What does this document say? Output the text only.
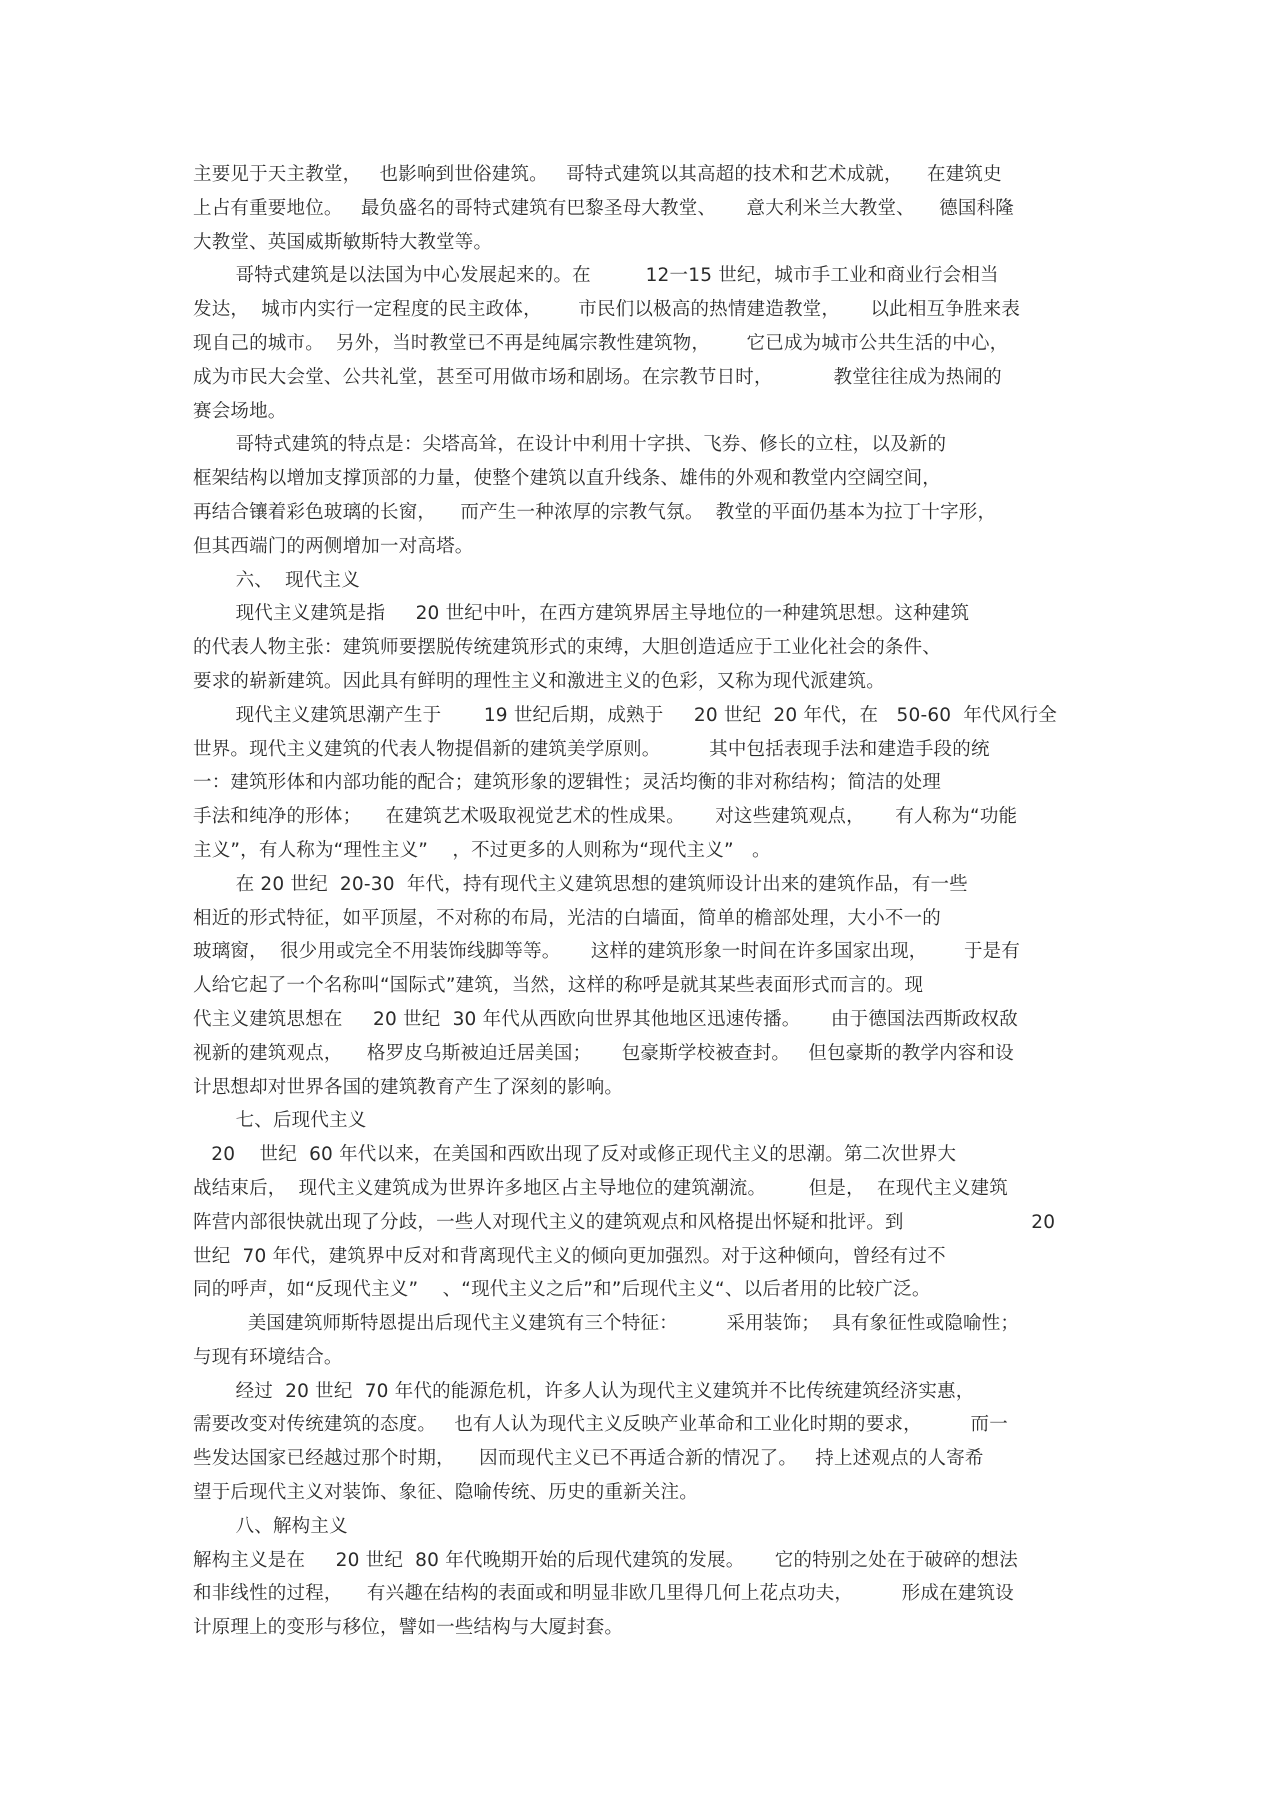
主要见于天主教堂，   也影响到世俗建筑。   哥特式建筑以其高超的技术和艺术成就，    在建筑史
上占有重要地位。   最负盛名的哥特式建筑有巴黎圣母大教堂、     意大利米兰大教堂、    德国科隆
大教堂、英国威斯敏斯特大教堂等。
哥特式建筑是以法国为中心发展起来的。在         12一15 世纪，城市手工业和商业行会相当
发达，  城市内实行一定程度的民主政体，      市民们以极高的热情建造教堂，     以此相互争胜来表
现自己的城市。  另外，当时教堂已不再是纯属宗教性建筑物，      它已成为城市公共生活的中心，
成为市民大会堂、公共礼堂，甚至可用做市场和剧场。在宗教节日时，          教堂往往成为热闹的
赛会场地。
哥特式建筑的特点是：尖塔高耸，在设计中利用十字拱、飞券、修长的立柱，以及新的
框架结构以增加支撑顶部的力量，使整个建筑以直升线条、雄伟的外观和教堂内空阔空间，
再结合镶着彩色玻璃的长窗，    而产生一种浓厚的宗教气氛。  教堂的平面仍基本为拉丁十字形，
但其西端门的两侧增加一对高塔。
六、  现代主义
现代主义建筑是指     20 世纪中叶，在西方建筑界居主导地位的一种建筑思想。这种建筑
的代表人物主张：建筑师要摆脱传统建筑形式的束缚，大胆创造适应于工业化社会的条件、
要求的崭新建筑。因此具有鲜明的理性主义和激进主义的色彩，又称为现代派建筑。
现代主义建筑思潮产生于       19 世纪后期，成熟于     20 世纪  20 年代，在   50-60  年代风行全
世界。现代主义建筑的代表人物提倡新的建筑美学原则。        其中包括表现手法和建造手段的统
一：建筑形体和内部功能的配合；建筑形象的逻辑性；灵活均衡的非对称结构；简洁的处理
手法和纯净的形体；    在建筑艺术吸取视觉艺术的性成果。     对这些建筑观点，     有人称为“功能
主义”，有人称为“理性主义”    ，不过更多的人则称为“现代主义”   。
在 20 世纪  20-30  年代，持有现代主义建筑思想的建筑师设计出来的建筑作品，有一些
相近的形式特征，如平顶屋，不对称的布局，光洁的白墙面，简单的檐部处理，大小不一的
玻璃窗，  很少用或完全不用装饰线脚等等。     这样的建筑形象一时间在许多国家出现，      于是有
人给它起了一个名称叫“国际式”建筑，当然，这样的称呼是就其某些表面形式而言的。现
代主义建筑思想在     20 世纪  30 年代从西欧向世界其他地区迅速传播。     由于德国法西斯政权敌
视新的建筑观点，    格罗皮乌斯被迫迁居美国；     包豪斯学校被查封。   但包豪斯的教学内容和设
计思想却对世界各国的建筑教育产生了深刻的影响。
七、后现代主义
20    世纪  60 年代以来，在美国和西欧出现了反对或修正现代主义的思潮。第二次世界大
战结束后，  现代主义建筑成为世界许多地区占主导地位的建筑潮流。       但是，  在现代主义建筑
阵营内部很快就出现了分歧，一些人对现代主义的建筑观点和风格提出怀疑和批评。到                     20
世纪  70 年代，建筑界中反对和背离现代主义的倾向更加强烈。对于这种倾向，曾经有过不
同的呼声，如“反现代主义”    、“现代主义之后”和”后现代主义“、以后者用的比较广泛。
美国建筑师斯特恩提出后现代主义建筑有三个特征：        采用装饰；  具有象征性或隐喻性；
与现有环境结合。
经过  20 世纪  70 年代的能源危机，许多人认为现代主义建筑并不比传统建筑经济实惠，
需要改变对传统建筑的态度。   也有人认为现代主义反映产业革命和工业化时期的要求，        而一
些发达国家已经越过那个时期，    因而现代主义已不再适合新的情况了。   持上述观点的人寄希
望于后现代主义对装饰、象征、隐喻传统、历史的重新关注。
八、解构主义
解构主义是在     20 世纪  80 年代晚期开始的后现代建筑的发展。     它的特别之处在于破碎的想法
和非线性的过程，    有兴趣在结构的表面或和明显非欧几里得几何上花点功夫，        形成在建筑设
计原理上的变形与移位，譬如一些结构与大厦封套。
